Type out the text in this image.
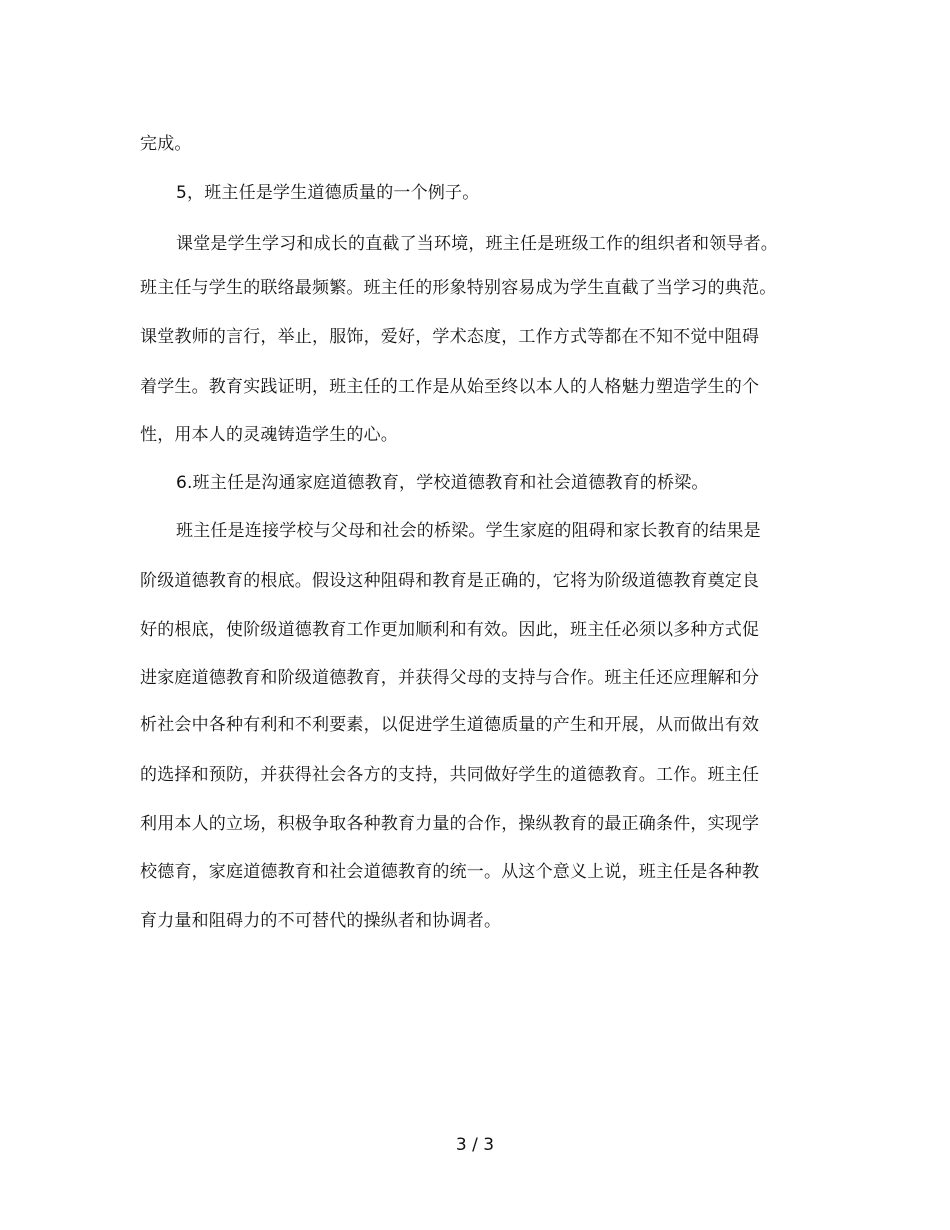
完成。
5，班主任是学生道德质量的一个例子。
课堂是学生学习和成长的直截了当环境，班主任是班级工作的组织者和领导者。
班主任与学生的联络最频繁。班主任的形象特别容易成为学生直截了当学习的典范。
课堂教师的言行，举止，服饰，爱好，学术态度，工作方式等都在不知不觉中阻碍
着学生。教育实践证明，班主任的工作是从始至终以本人的人格魅力塑造学生的个
性，用本人的灵魂铸造学生的心。
6.班主任是沟通家庭道德教育，学校道德教育和社会道德教育的桥梁。
班主任是连接学校与父母和社会的桥梁。学生家庭的阻碍和家长教育的结果是
阶级道德教育的根底。假设这种阻碍和教育是正确的，它将为阶级道德教育奠定良
好的根底，使阶级道德教育工作更加顺利和有效。因此，班主任必须以多种方式促
进家庭道德教育和阶级道德教育，并获得父母的支持与合作。班主任还应理解和分
析社会中各种有利和不利要素，以促进学生道德质量的产生和开展，从而做出有效
的选择和预防，并获得社会各方的支持，共同做好学生的道德教育。工作。班主任
利用本人的立场，积极争取各种教育力量的合作，操纵教育的最正确条件，实现学
校德育，家庭道德教育和社会道德教育的统一。从这个意义上说，班主任是各种教
育力量和阻碍力的不可替代的操纵者和协调者。
3 / 3
